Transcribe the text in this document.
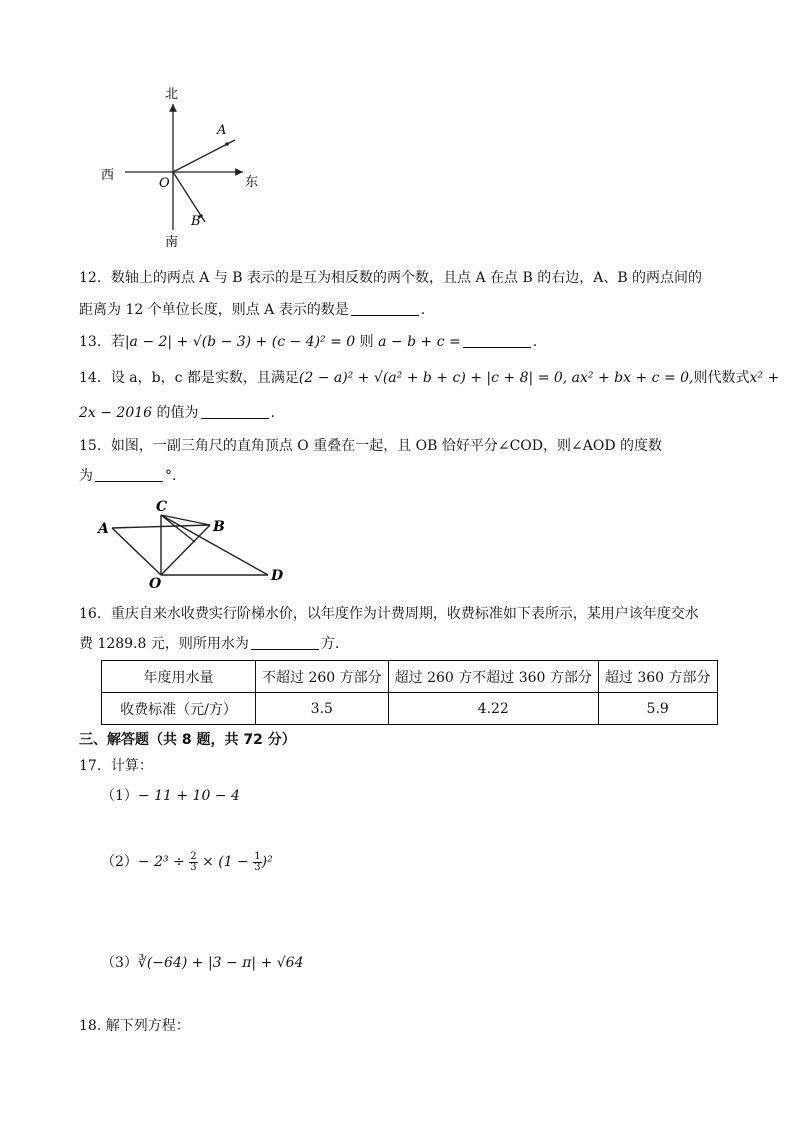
北
南
东
西
O
A
B
12．数轴上的两点 A 与 B 表示的是互为相反数的两个数，且点 A 在点 B 的右边，A、B 的两点间的
距离为 12 个单位长度，则点 A 表示的数是	.
13．若|a − 2| + √(b − 3) + (c − 4)² = 0 则 a − b + c =	.
14．设 a，b，c 都是实数，且满足(2 − a)² + √(a² + b + c) + |c + 8| = 0, ax² + bx + c = 0,则代数式x² +
2x − 2016 的值为	.
15．如图，一副三角尺的直角顶点 O 重叠在一起，且 OB 恰好平分∠COD，则∠AOD 的度数
为	°.
A	B
C
O	D
16．重庆自来水收费实行阶梯水价，以年度作为计费周期，收费标准如下表所示，某用户该年度交水
费 1289.8 元，则所用水为	方.
年度用水量	不超过 260 方部分	超过 260 方不超过 360 方部分	超过 360 方部分
收费标准（元/方）	3.5	4.22	5.9
三、解答题（共 8 题，共 72 分）
17．计算：
（1）− 11 + 10 − 4
$(2)- 2^3 \div \frac{2}{3} \times (1 - \frac{1}{3} )^2$
（3）∛(−64) + |3 − π| + √64
18. 解下列方程：
